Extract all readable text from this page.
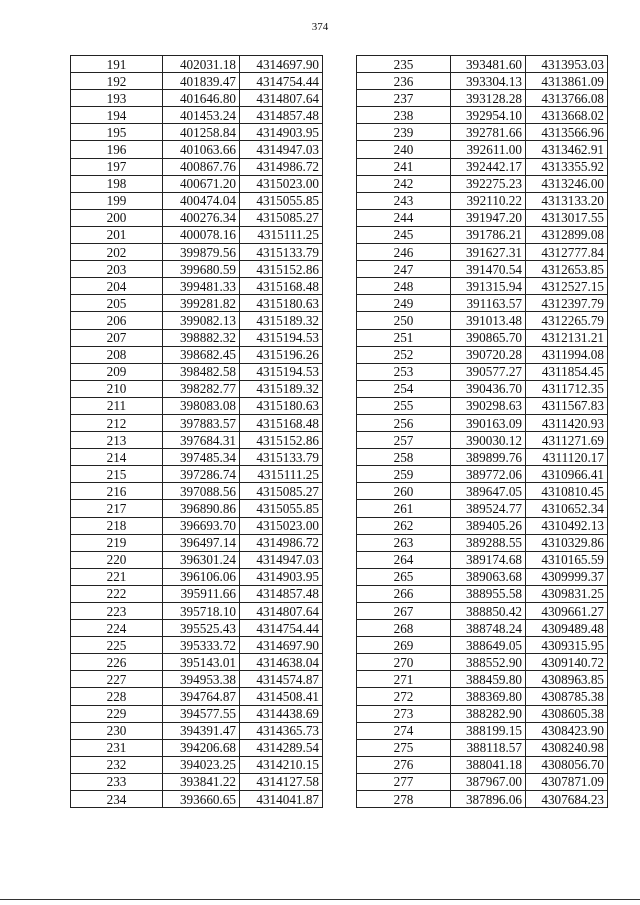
374
191	402031.18	4314697.90
192	401839.47	4314754.44
193	401646.80	4314807.64
194	401453.24	4314857.48
195	401258.84	4314903.95
196	401063.66	4314947.03
197	400867.76	4314986.72
198	400671.20	4315023.00
199	400474.04	4315055.85
200	400276.34	4315085.27
201	400078.16	4315111.25
202	399879.56	4315133.79
203	399680.59	4315152.86
204	399481.33	4315168.48
205	399281.82	4315180.63
206	399082.13	4315189.32
207	398882.32	4315194.53
208	398682.45	4315196.26
209	398482.58	4315194.53
210	398282.77	4315189.32
211	398083.08	4315180.63
212	397883.57	4315168.48
213	397684.31	4315152.86
214	397485.34	4315133.79
215	397286.74	4315111.25
216	397088.56	4315085.27
217	396890.86	4315055.85
218	396693.70	4315023.00
219	396497.14	4314986.72
220	396301.24	4314947.03
221	396106.06	4314903.95
222	395911.66	4314857.48
223	395718.10	4314807.64
224	395525.43	4314754.44
225	395333.72	4314697.90
226	395143.01	4314638.04
227	394953.38	4314574.87
228	394764.87	4314508.41
229	394577.55	4314438.69
230	394391.47	4314365.73
231	394206.68	4314289.54
232	394023.25	4314210.15
233	393841.22	4314127.58
234	393660.65	4314041.87
235	393481.60	4313953.03
236	393304.13	4313861.09
237	393128.28	4313766.08
238	392954.10	4313668.02
239	392781.66	4313566.96
240	392611.00	4313462.91
241	392442.17	4313355.92
242	392275.23	4313246.00
243	392110.22	4313133.20
244	391947.20	4313017.55
245	391786.21	4312899.08
246	391627.31	4312777.84
247	391470.54	4312653.85
248	391315.94	4312527.15
249	391163.57	4312397.79
250	391013.48	4312265.79
251	390865.70	4312131.21
252	390720.28	4311994.08
253	390577.27	4311854.45
254	390436.70	4311712.35
255	390298.63	4311567.83
256	390163.09	4311420.93
257	390030.12	4311271.69
258	389899.76	4311120.17
259	389772.06	4310966.41
260	389647.05	4310810.45
261	389524.77	4310652.34
262	389405.26	4310492.13
263	389288.55	4310329.86
264	389174.68	4310165.59
265	389063.68	4309999.37
266	388955.58	4309831.25
267	388850.42	4309661.27
268	388748.24	4309489.48
269	388649.05	4309315.95
270	388552.90	4309140.72
271	388459.80	4308963.85
272	388369.80	4308785.38
273	388282.90	4308605.38
274	388199.15	4308423.90
275	388118.57	4308240.98
276	388041.18	4308056.70
277	387967.00	4307871.09
278	387896.06	4307684.23
